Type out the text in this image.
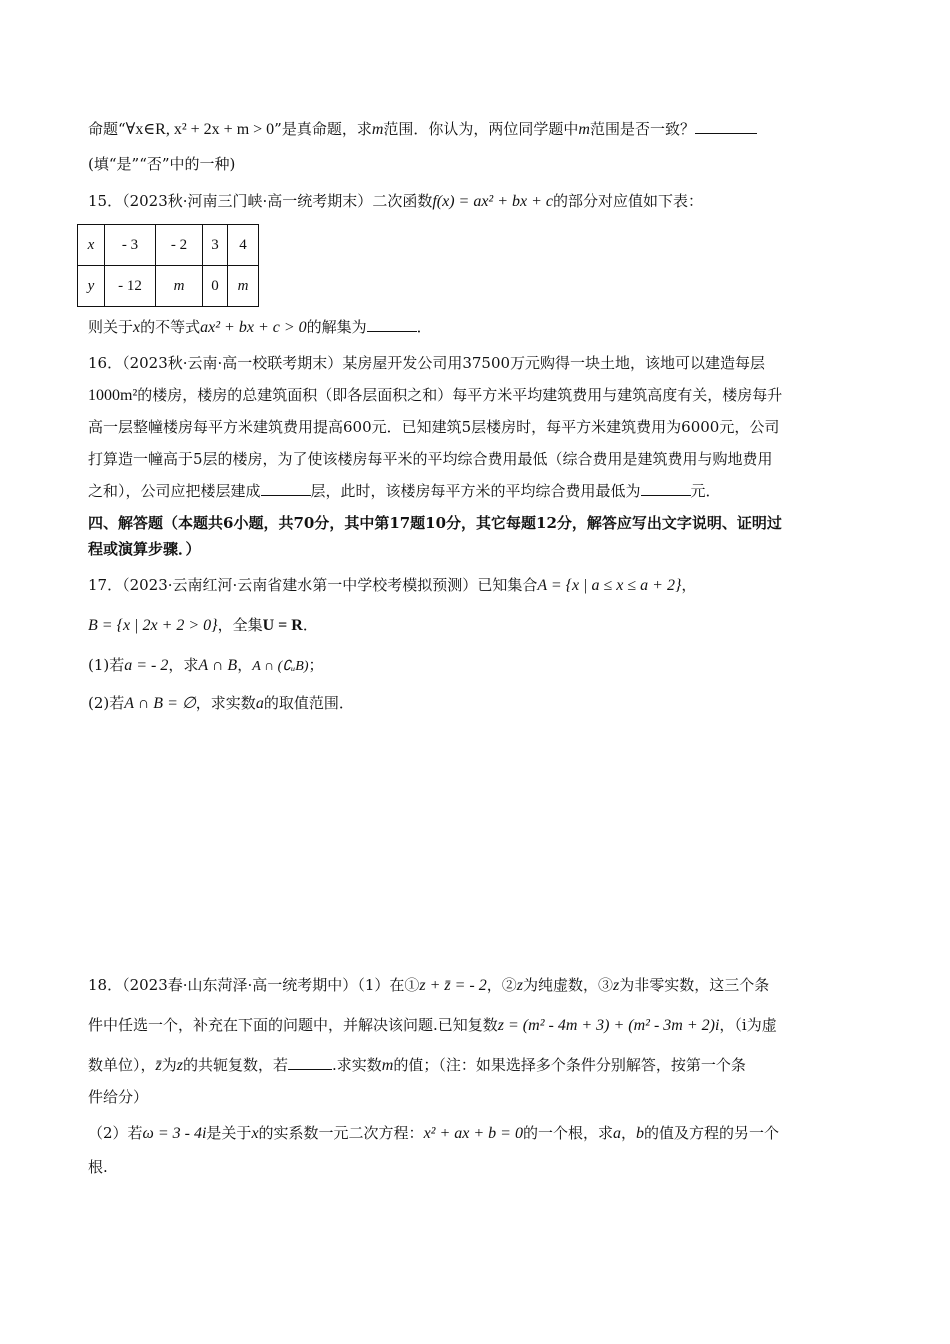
命题“∀x∈R, x² + 2x + m > 0”是真命题，求m范围．你认为，两位同学题中m范围是否一致？
(填“是”“否”中的一种)
15．（2023秋·河南三门峡·高一统考期末）二次函数f(x) = ax² + bx + c的部分对应值如下表：
x	- 3	- 2	3	4
y	- 12	m	0	m
则关于x的不等式ax² + bx + c > 0的解集为	．
16．（2023秋·云南·高一校联考期末）某房屋开发公司用37500万元购得一块土地，该地可以建造每层
1000m²的楼房，楼房的总建筑面积（即各层面积之和）每平方米平均建筑费用与建筑高度有关，楼房每升
高一层整幢楼房每平方米建筑费用提高600元．已知建筑5层楼房时，每平方米建筑费用为6000元，公司
打算造一幢高于5层的楼房，为了使该楼房每平米的平均综合费用最低（综合费用是建筑费用与购地费用
之和），公司应把楼层建成	层，此时，该楼房每平方米的平均综合费用最低为	元．
四、解答题（本题共6小题，共70分，其中第17题10分，其它每题12分，解答应写出文字说明、证明过
程或演算步骤．）
17．（2023·云南红河·云南省建水第一中学校考模拟预测）已知集合A = {x | a ≤ x ≤ a + 2}，
B = {x | 2x + 2 > 0}，全集U = R．
(1)若a = - 2，求A ∩ B，A ∩ (∁ᵤB)；
(2)若A ∩ B = ∅，求实数a的取值范围．
18．（2023春·山东菏泽·高一统考期中）（1）在①z + z̄ = - 2，②z为纯虚数，③z为非零实数，这三个条
件中任选一个，补充在下面的问题中，并解决该问题.已知复数z = (m² - 4m + 3) + (m² - 3m + 2)i，（i为虚
数单位），z̄为z的共轭复数，若	.求实数m的值；（注：如果选择多个条件分别解答，按第一个条
件给分）
（2）若ω = 3 - 4i是关于x的实系数一元二次方程：x² + ax + b = 0的一个根，求a，b的值及方程的另一个
根.
